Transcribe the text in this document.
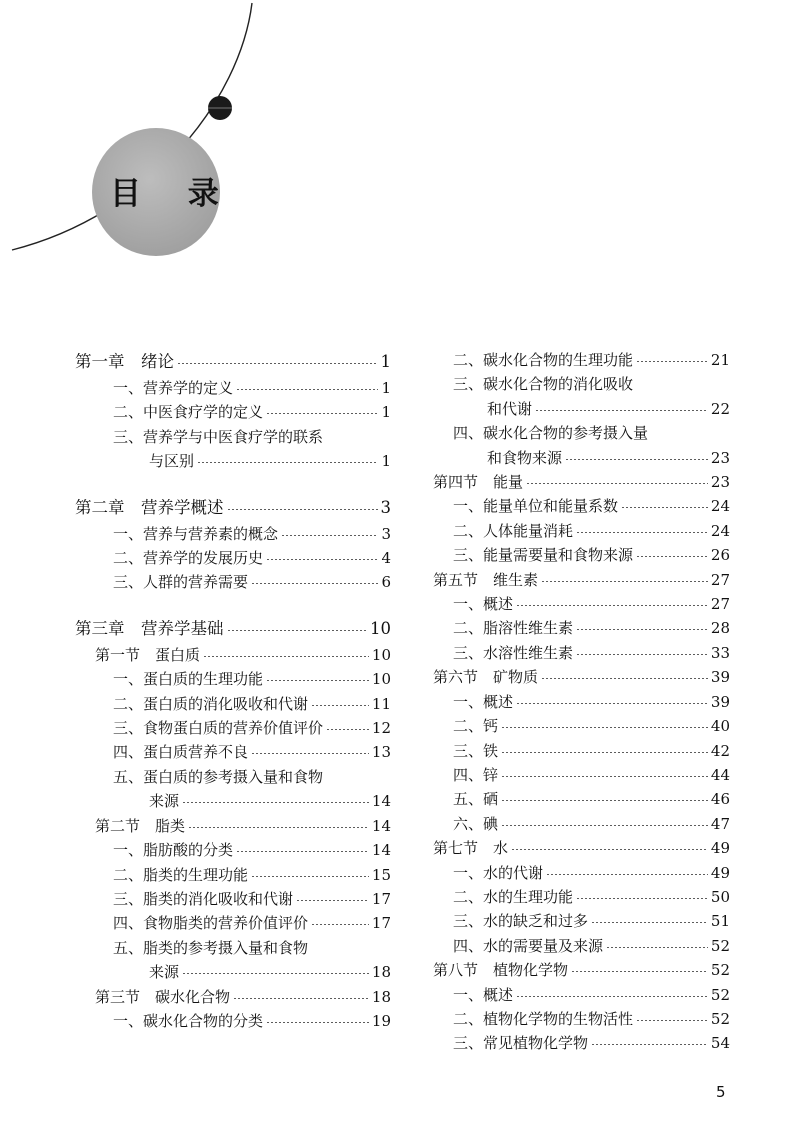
目 录
第一章　绪论	1
一、营养学的定义	1
二、中医食疗学的定义	1
三、营养学与中医食疗学的联系
与区别	1
第二章　营养学概述	3
一、营养与营养素的概念	3
二、营养学的发展历史	4
三、人群的营养需要	6
第三章　营养学基础	10
第一节　蛋白质	10
一、蛋白质的生理功能	10
二、蛋白质的消化吸收和代谢	11
三、食物蛋白质的营养价值评价	12
四、蛋白质营养不良	13
五、蛋白质的参考摄入量和食物
来源	14
第二节　脂类	14
一、脂肪酸的分类	14
二、脂类的生理功能	15
三、脂类的消化吸收和代谢	17
四、食物脂类的营养价值评价	17
五、脂类的参考摄入量和食物
来源	18
第三节　碳水化合物	18
一、碳水化合物的分类	19
二、碳水化合物的生理功能	21
三、碳水化合物的消化吸收
和代谢	22
四、碳水化合物的参考摄入量
和食物来源	23
第四节　能量	23
一、能量单位和能量系数	24
二、人体能量消耗	24
三、能量需要量和食物来源	26
第五节　维生素	27
一、概述	27
二、脂溶性维生素	28
三、水溶性维生素	33
第六节　矿物质	39
一、概述	39
二、钙	40
三、铁	42
四、锌	44
五、硒	46
六、碘	47
第七节　水	49
一、水的代谢	49
二、水的生理功能	50
三、水的缺乏和过多	51
四、水的需要量及来源	52
第八节　植物化学物	52
一、概述	52
二、植物化学物的生物活性	52
三、常见植物化学物	54
5
